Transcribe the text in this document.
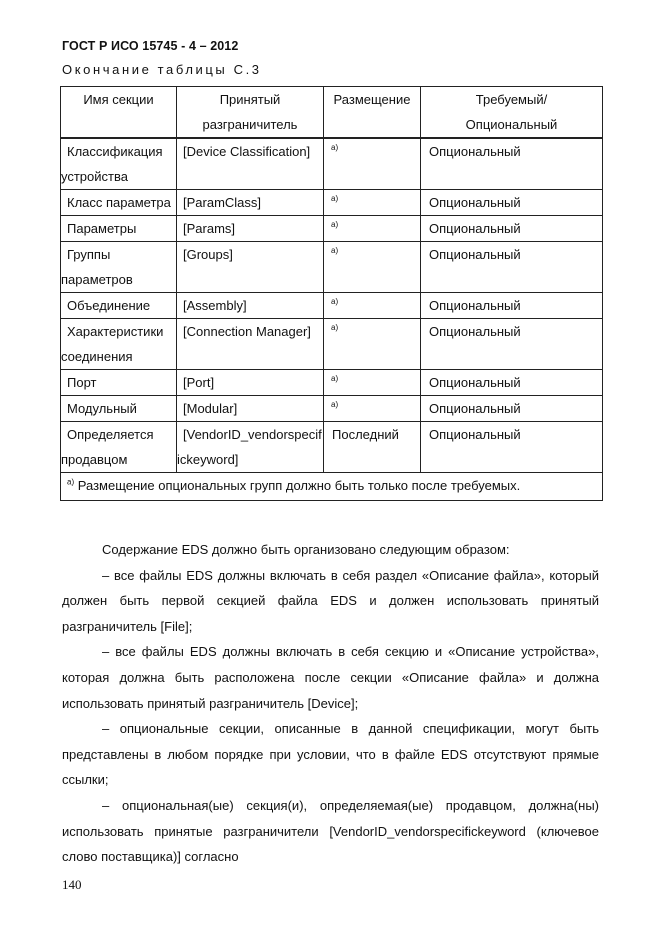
ГОСТ Р ИСО 15745 - 4 – 2012
Окончание таблицы С.3
Имя секции	Принятый разграничитель	Размещение	Требуемый/ Опциональный

Классификация устройства	[Device Classification]	$^{a)}$	Опциональный

Класс параметра	[ParamClass]	$^{a)}$	Опциональный

Параметры	[Params]	$^{a)}$	Опциональный

Группы параметров	[Groups]	$^{a)}$	Опциональный

Объединение	[Assembly]	$^{a)}$	Опциональный

Характеристики соединения	[Connection Manager]	$^{a)}$	Опциональный

Порт	[Port]	$^{a)}$	Опциональный

Модульный	[Modular]	$^{a)}$	Опциональный

Определяется продавцом	[VendorID_vendorspecifickeyword]	Последний	Опциональный

$^{а)}$ Размещение опциональных групп должно быть только после требуемых.			

Содержание EDS должно быть организовано следующим образом:

– все файлы EDS должны включать в себя раздел «Описание файла», который должен быть первой секцией файла EDS и должен использовать принятый разграничитель [File];

– все файлы EDS должны включать в себя секцию и «Описание устройства», которая должна быть расположена после секции «Описание файла» и должна использовать принятый разграничитель [Device];

– опциональные секции, описанные в данной спецификации, могут быть представлены в любом порядке при условии, что в файле EDS отсутствуют прямые ссылки;

– опциональная(ые) секция(и), определяемая(ые) продавцом, должна(ны) использовать принятые разграничители [VendorID_vendorspecifickeyword (ключевое слово поставщика)] согласно

140
